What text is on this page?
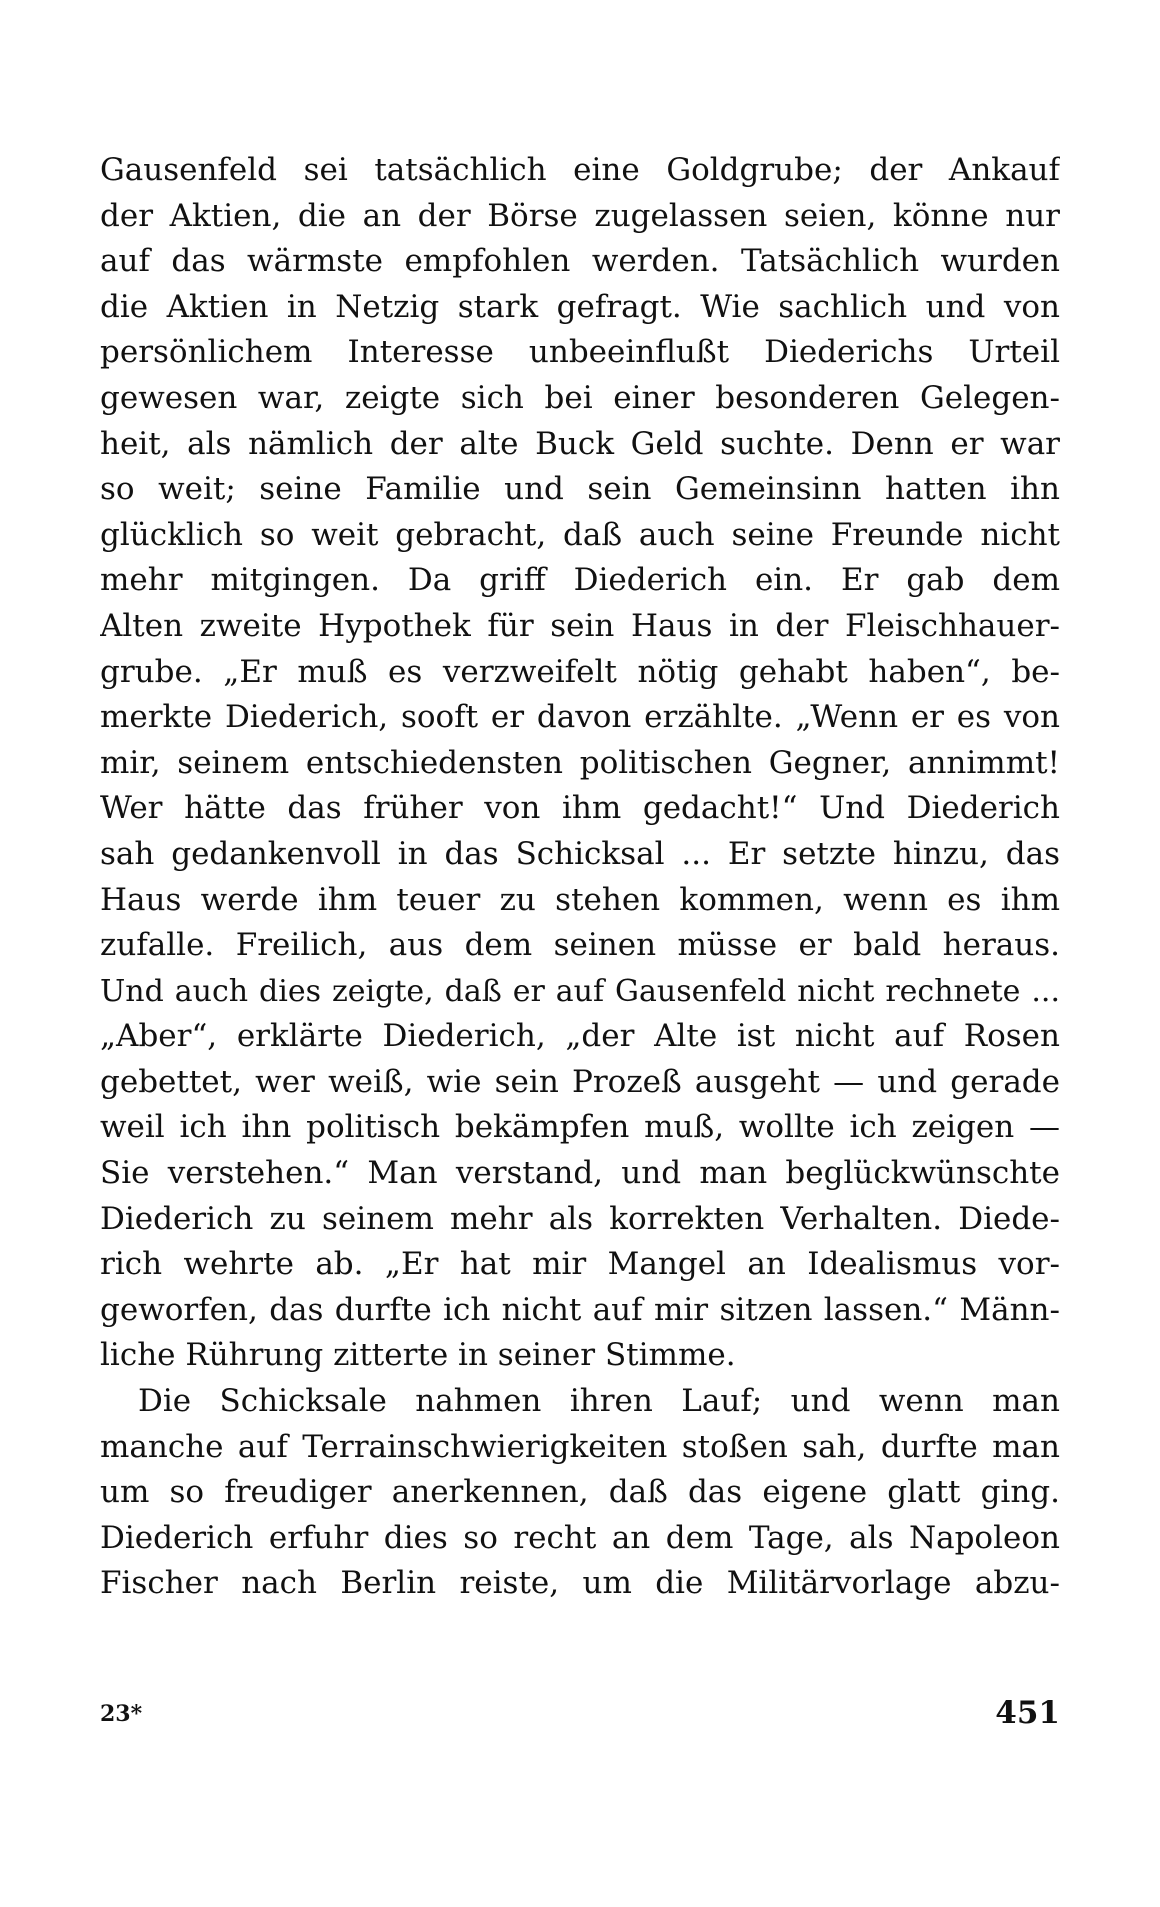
Gausenfeld sei tatsächlich eine Goldgrube; der Ankauf
der Aktien, die an der Börse zugelassen seien, könne nur
auf das wärmste empfohlen werden. Tatsächlich wurden
die Aktien in Netzig stark gefragt. Wie sachlich und von
persönlichem Interesse unbeeinflußt Diederichs Urteil
gewesen war, zeigte sich bei einer besonderen Gelegen-
heit, als nämlich der alte Buck Geld suchte. Denn er war
so weit; seine Familie und sein Gemeinsinn hatten ihn
glücklich so weit gebracht, daß auch seine Freunde nicht
mehr mitgingen. Da griff Diederich ein. Er gab dem
Alten zweite Hypothek für sein Haus in der Fleischhauer-
grube. „Er muß es verzweifelt nötig gehabt haben“, be-
merkte Diederich, sooft er davon erzählte. „Wenn er es von
mir, seinem entschiedensten politischen Gegner, annimmt!
Wer hätte das früher von ihm gedacht!“ Und Diederich
sah gedankenvoll in das Schicksal ... Er setzte hinzu, das
Haus werde ihm teuer zu stehen kommen, wenn es ihm
zufalle. Freilich, aus dem seinen müsse er bald heraus.
Und auch dies zeigte, daß er auf Gausenfeld nicht rechnete ...
„Aber“, erklärte Diederich, „der Alte ist nicht auf Rosen
gebettet, wer weiß, wie sein Prozeß ausgeht — und gerade
weil ich ihn politisch bekämpfen muß, wollte ich zeigen —
Sie verstehen.“ Man verstand, und man beglückwünschte
Diederich zu seinem mehr als korrekten Verhalten. Diede-
rich wehrte ab. „Er hat mir Mangel an Idealismus vor-
geworfen, das durfte ich nicht auf mir sitzen lassen.“ Männ-
liche Rührung zitterte in seiner Stimme.
Die Schicksale nahmen ihren Lauf; und wenn man
manche auf Terrainschwierigkeiten stoßen sah, durfte man
um so freudiger anerkennen, daß das eigene glatt ging.
Diederich erfuhr dies so recht an dem Tage, als Napoleon
Fischer nach Berlin reiste, um die Militärvorlage abzu-
23*	451
